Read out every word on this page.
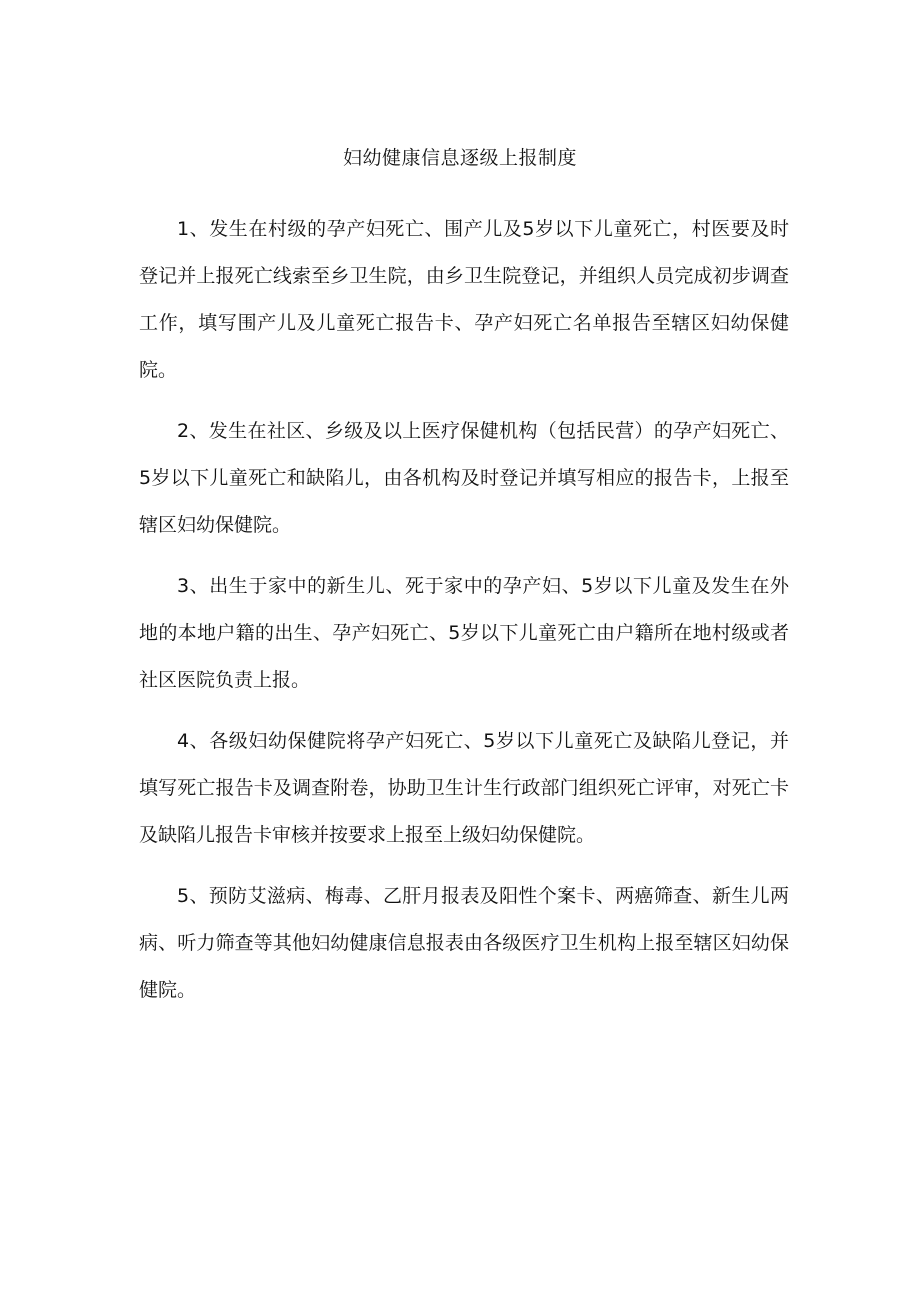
妇幼健康信息逐级上报制度

1、发生在村级的孕产妇死亡、围产儿及5岁以下儿童死亡，村医要及时登记并上报死亡线索至乡卫生院，由乡卫生院登记，并组织人员完成初步调查工作，填写围产儿及儿童死亡报告卡、孕产妇死亡名单报告至辖区妇幼保健院。

2、发生在社区、乡级及以上医疗保健机构（包括民营）的孕产妇死亡、5岁以下儿童死亡和缺陷儿，由各机构及时登记并填写相应的报告卡，上报至辖区妇幼保健院。

3、出生于家中的新生儿、死于家中的孕产妇、5岁以下儿童及发生在外地的本地户籍的出生、孕产妇死亡、5岁以下儿童死亡由户籍所在地村级或者社区医院负责上报。

4、各级妇幼保健院将孕产妇死亡、5岁以下儿童死亡及缺陷儿登记，并填写死亡报告卡及调查附卷，协助卫生计生行政部门组织死亡评审，对死亡卡及缺陷儿报告卡审核并按要求上报至上级妇幼保健院。

5、预防艾滋病、梅毒、乙肝月报表及阳性个案卡、两癌筛查、新生儿两病、听力筛查等其他妇幼健康信息报表由各级医疗卫生机构上报至辖区妇幼保健院。
